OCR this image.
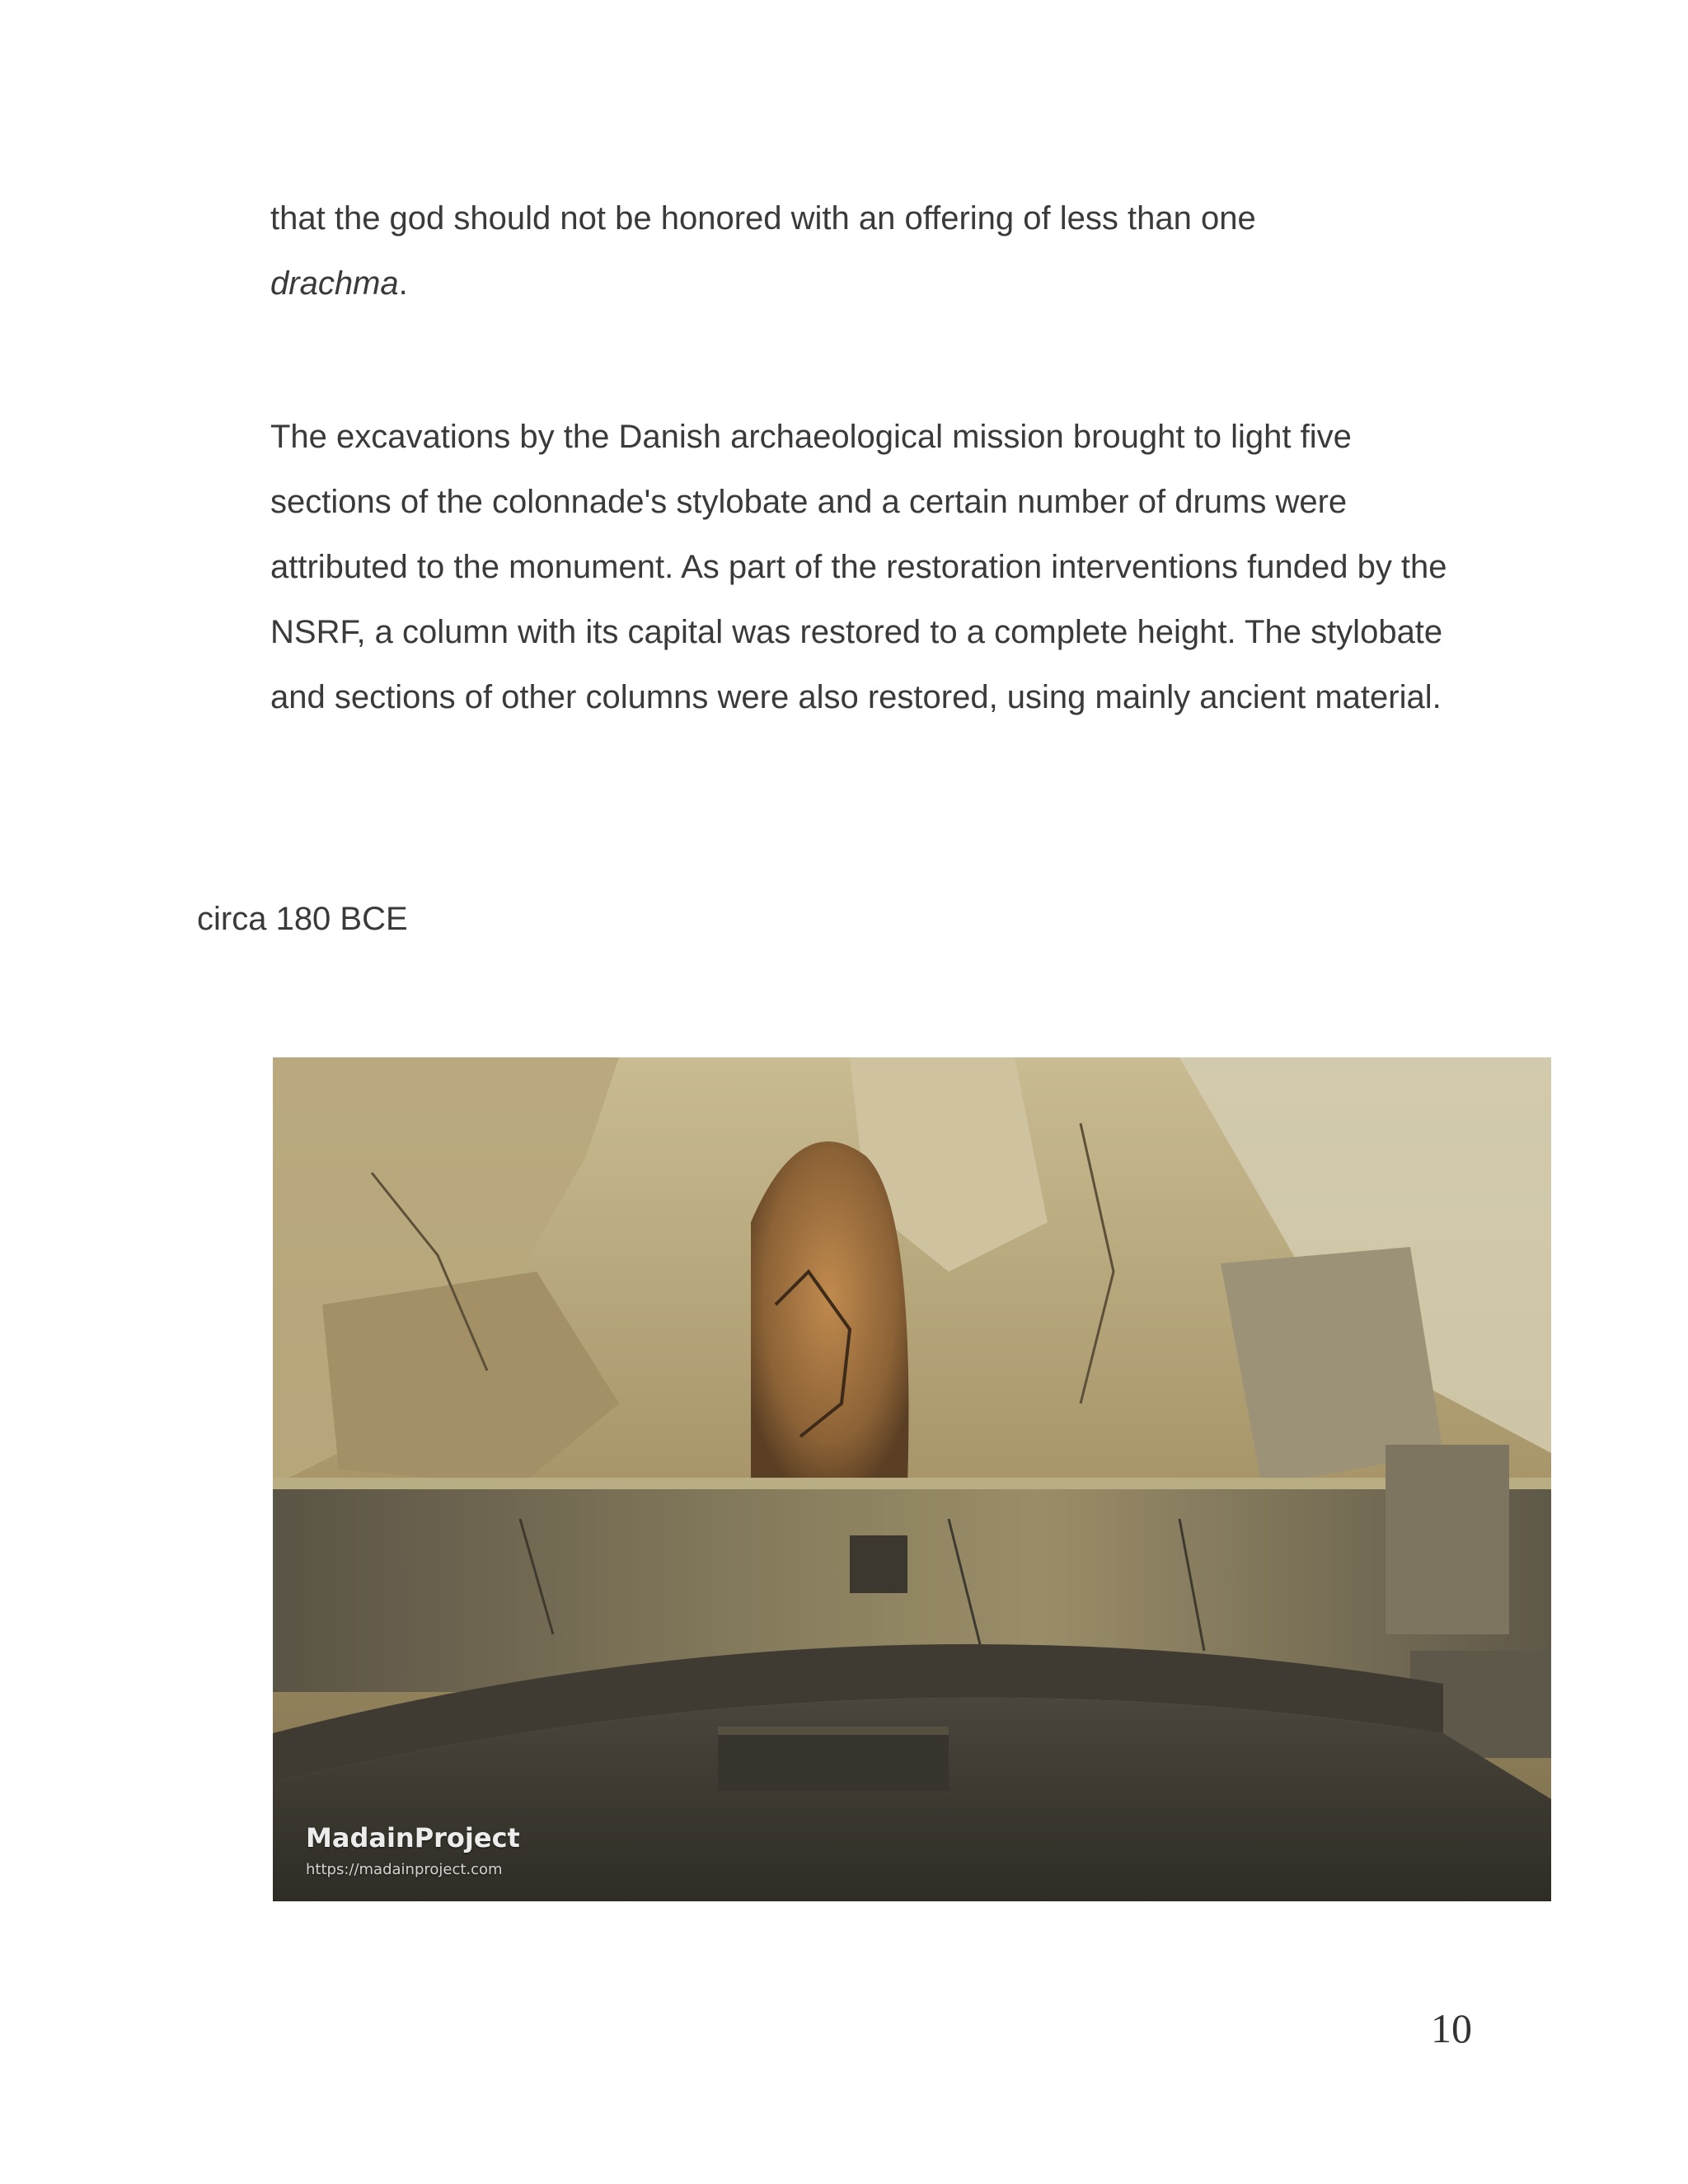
that the god should not be honored with an offering of less than one
drachma.

The excavations by the Danish archaeological mission brought to light five sections of the colonnade's stylobate and a certain number of drums were attributed to the monument. As part of the restoration interventions funded by the NSRF, a column with its capital was restored to a complete height. The stylobate and sections of other columns were also restored, using mainly ancient material.

circa 180 BCE

MadainProject
https://madainproject.com
10
